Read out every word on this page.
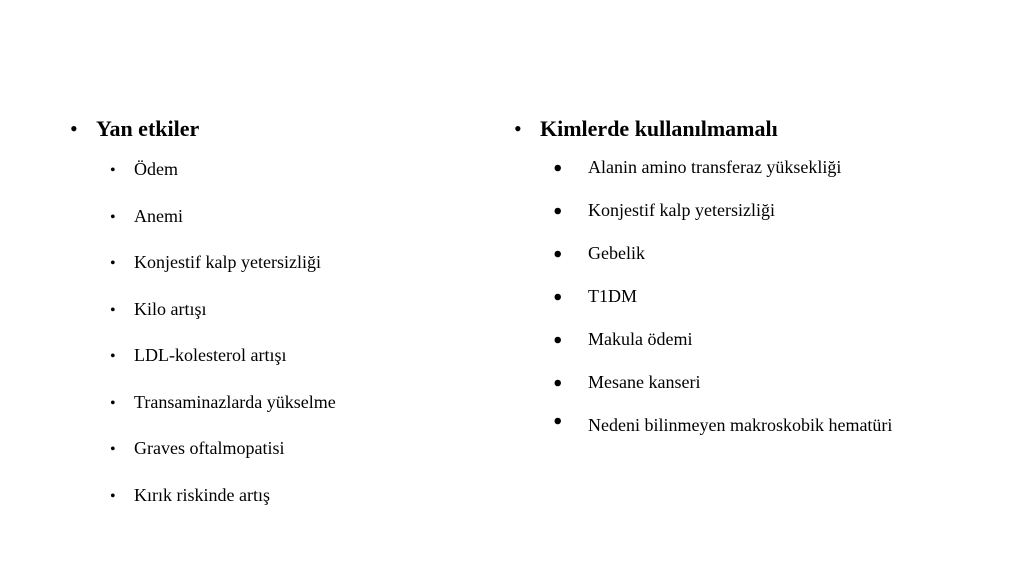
• Yan etkiler
•	Ödem
•	Anemi
•	Konjestif kalp yetersizliği
•	Kilo artışı
•	LDL-kolesterol artışı
•	Transaminazlarda yükselme
•	Graves oftalmopatisi
•	Kırık riskinde artış
• Kimlerde kullanılmamalı
⦁	Alanin amino transferaz yüksekliği
⦁	Konjestif kalp yetersizliği
⦁	Gebelik
⦁	T1DM
⦁	Makula ödemi
⦁	Mesane kanseri
⦁	Nedeni bilinmeyen makroskobik hematüri
